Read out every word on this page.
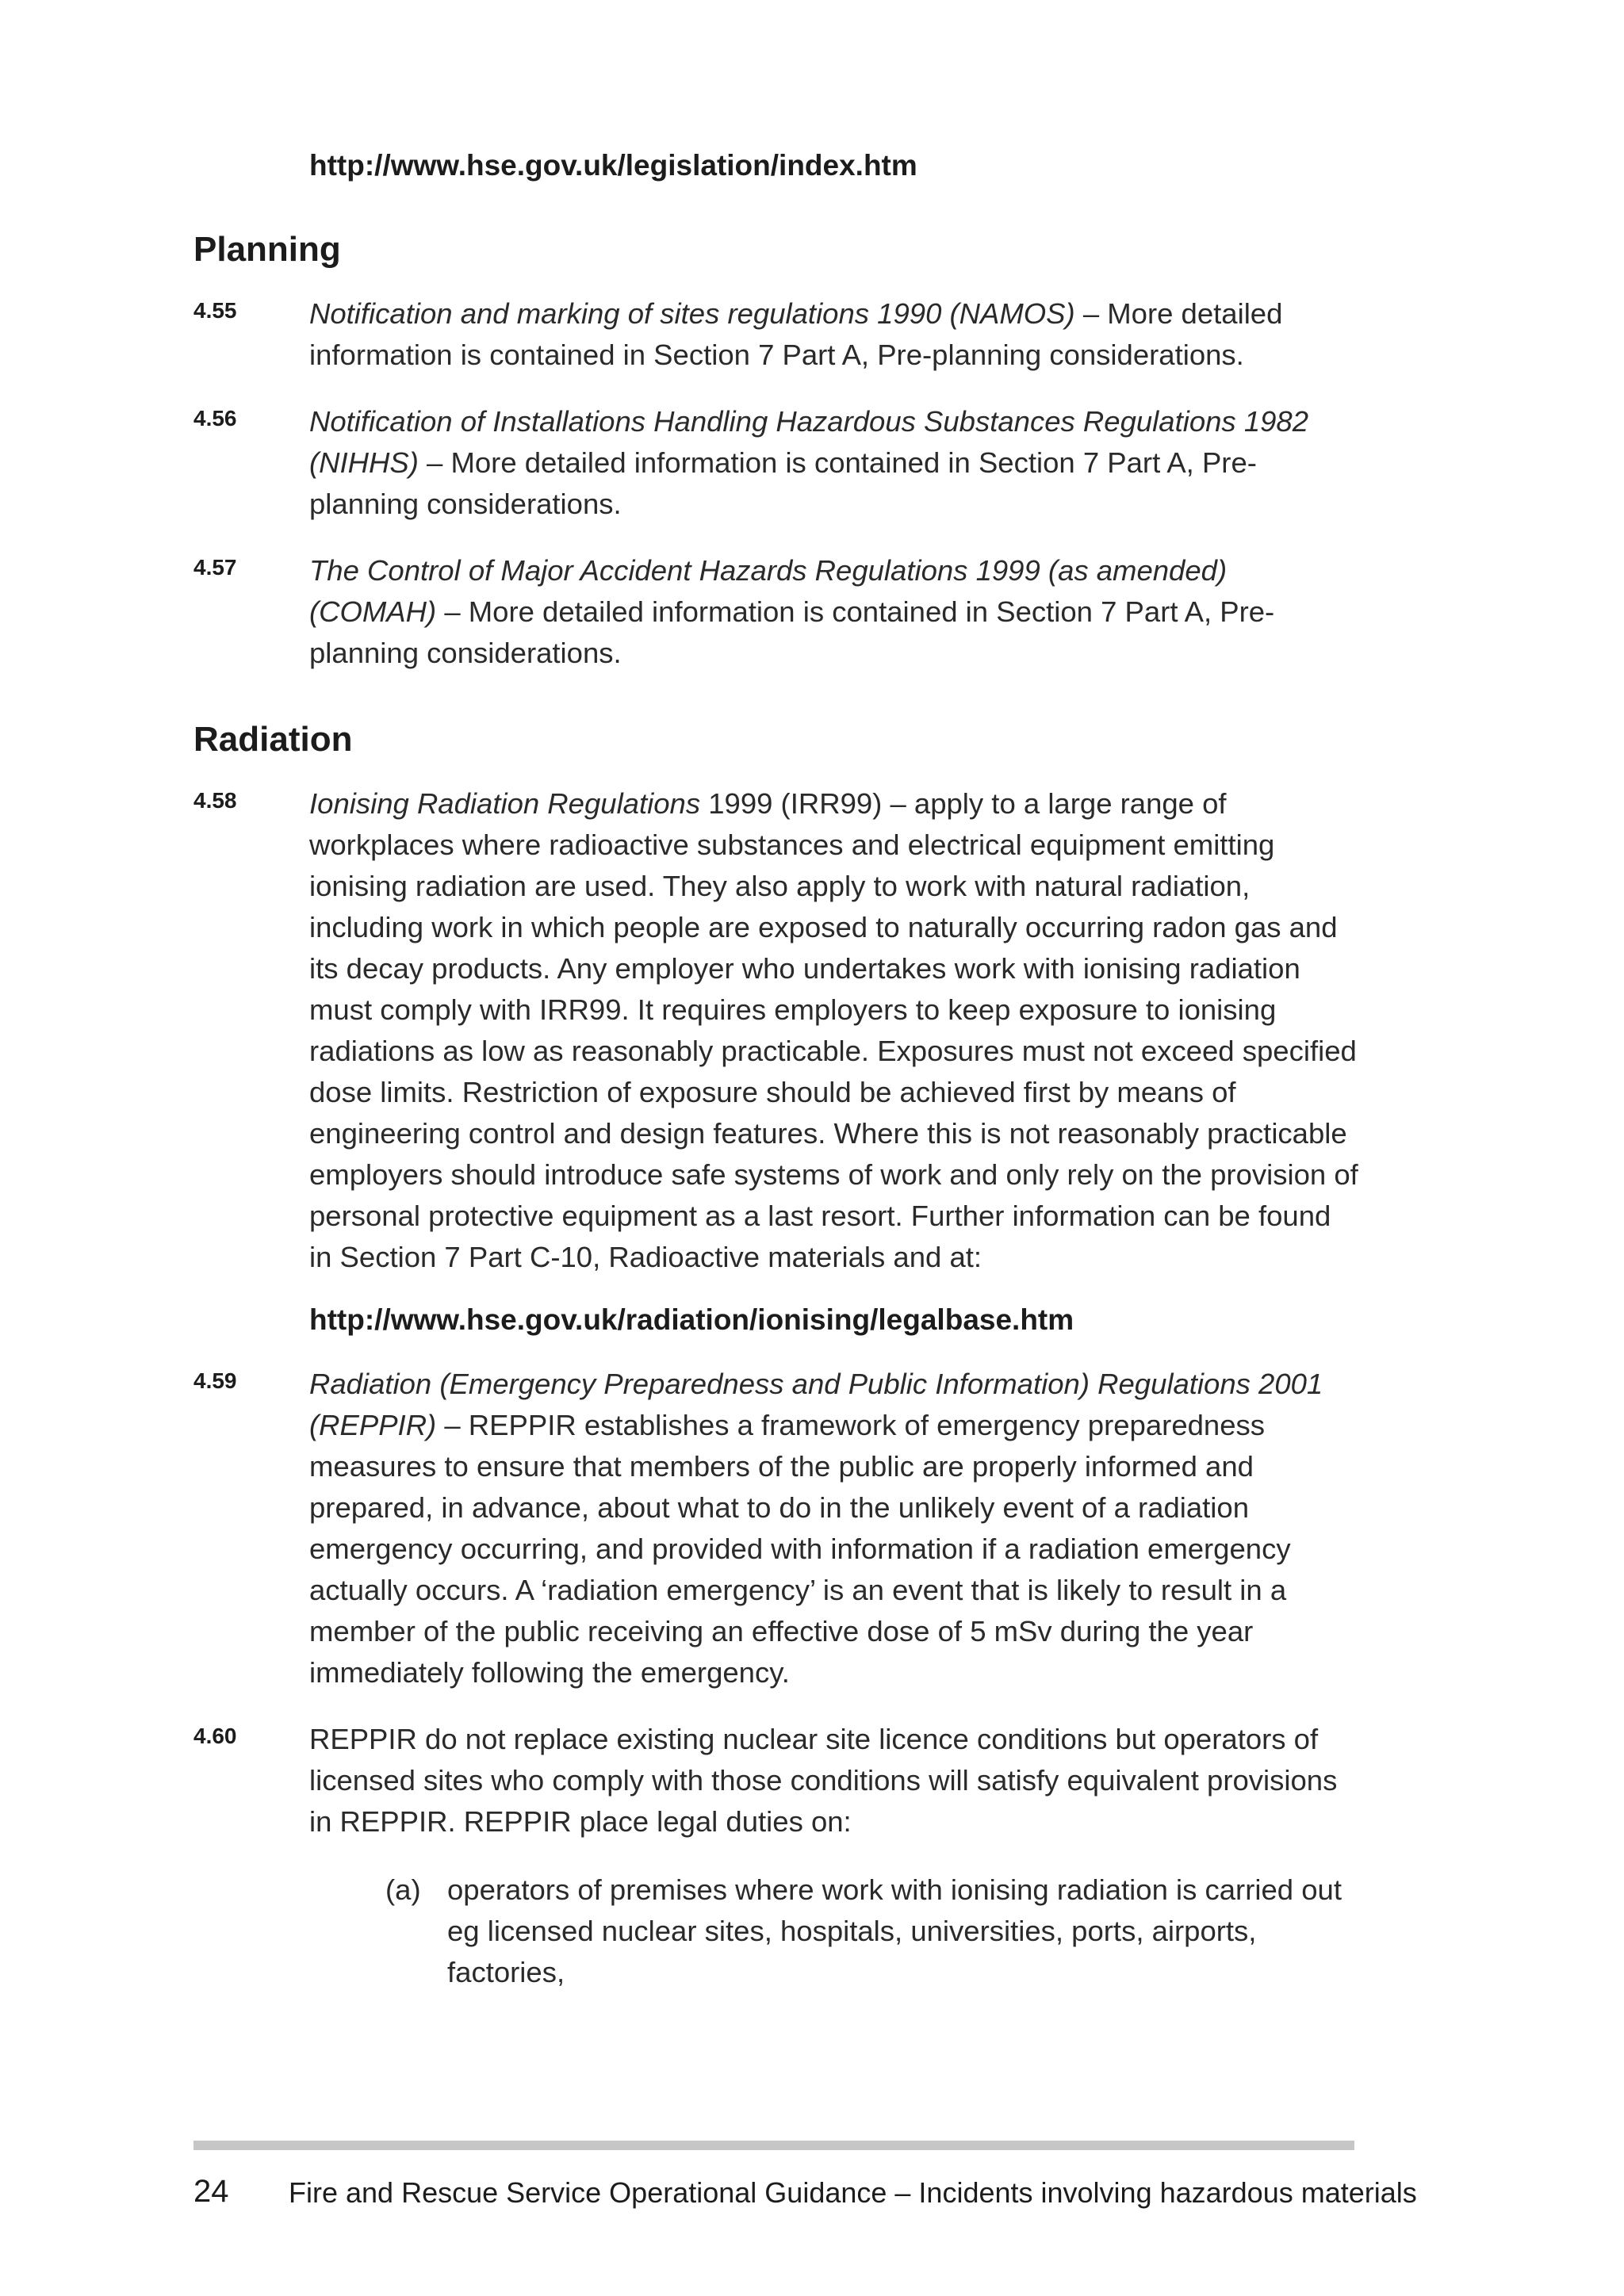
http://www.hse.gov.uk/legislation/index.htm
Planning
4.55	Notification and marking of sites regulations 1990 (NAMOS) – More detailed information is contained in Section 7 Part A, Pre-planning considerations.
4.56	Notification of Installations Handling Hazardous Substances Regulations 1982 (NIHHS) – More detailed information is contained in Section 7 Part A, Pre-planning considerations.
4.57	The Control of Major Accident Hazards Regulations 1999 (as amended) (COMAH) – More detailed information is contained in Section 7 Part A, Pre-planning considerations.
Radiation
4.58	Ionising Radiation Regulations 1999 (IRR99) – apply to a large range of workplaces where radioactive substances and electrical equipment emitting ionising radiation are used. They also apply to work with natural radiation, including work in which people are exposed to naturally occurring radon gas and its decay products. Any employer who undertakes work with ionising radiation must comply with IRR99. It requires employers to keep exposure to ionising radiations as low as reasonably practicable. Exposures must not exceed specified dose limits. Restriction of exposure should be achieved first by means of engineering control and design features. Where this is not reasonably practicable employers should introduce safe systems of work and only rely on the provision of personal protective equipment as a last resort. Further information can be found in Section 7 Part C-10, Radioactive materials and at:
http://www.hse.gov.uk/radiation/ionising/legalbase.htm
4.59	Radiation (Emergency Preparedness and Public Information) Regulations 2001 (REPPIR) – REPPIR establishes a framework of emergency preparedness measures to ensure that members of the public are properly informed and prepared, in advance, about what to do in the unlikely event of a radiation emergency occurring, and provided with information if a radiation emergency actually occurs. A ‘radiation emergency’ is an event that is likely to result in a member of the public receiving an effective dose of 5 mSv during the year immediately following the emergency.
4.60	REPPIR do not replace existing nuclear site licence conditions but operators of licensed sites who comply with those conditions will satisfy equivalent provisions in REPPIR. REPPIR place legal duties on:
(a) operators of premises where work with ionising radiation is carried out eg licensed nuclear sites, hospitals, universities, ports, airports, factories,
24 Fire and Rescue Service Operational Guidance – Incidents involving hazardous materials
